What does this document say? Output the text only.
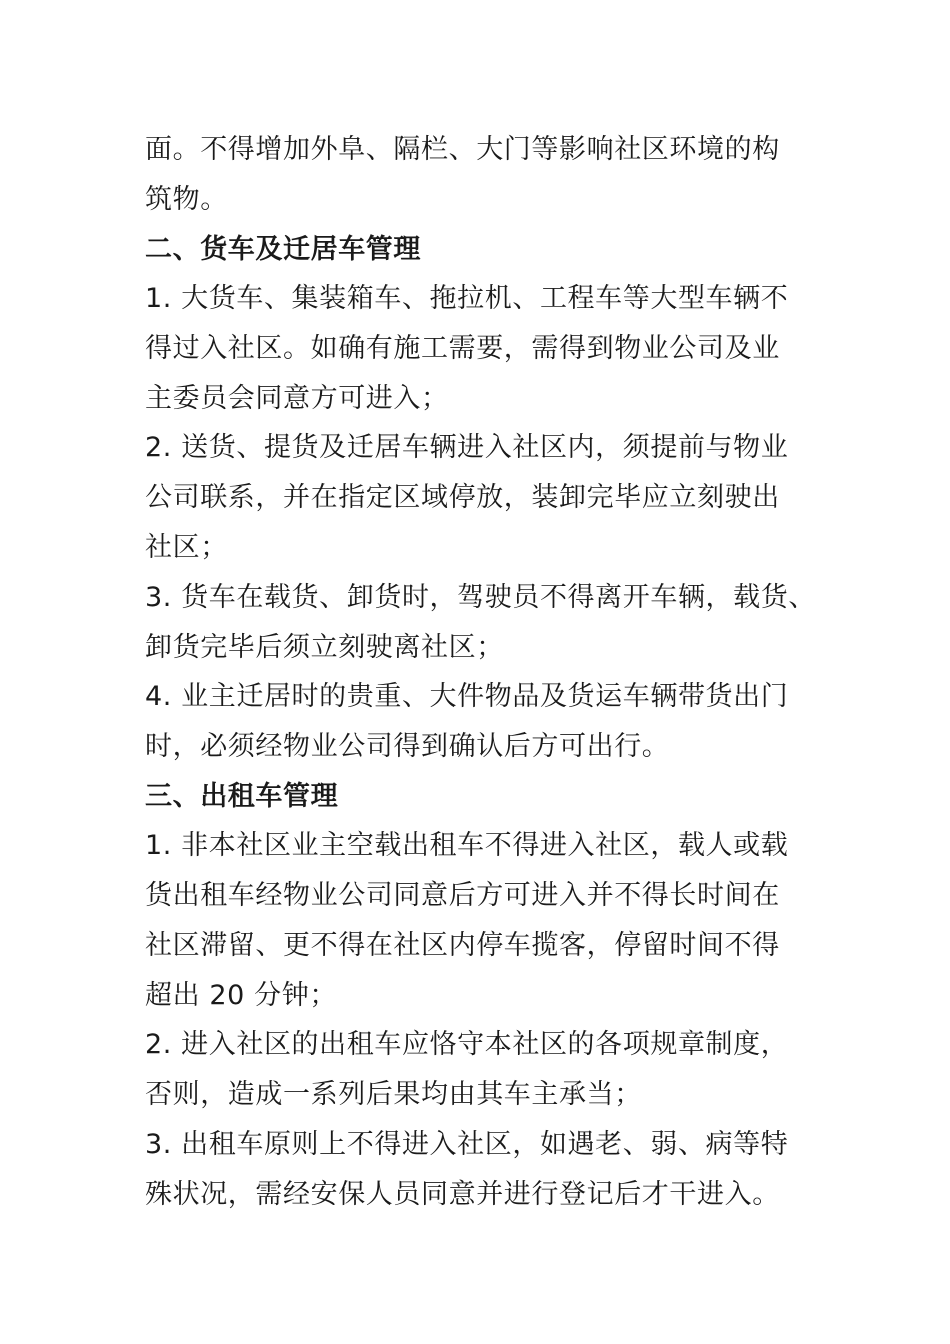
面。不得增加外阜、隔栏、大门等影响社区环境的构
筑物。
二、货车及迁居车管理
1. 大货车、集装箱车、拖拉机、工程车等大型车辆不
得过入社区。如确有施工需要，需得到物业公司及业
主委员会同意方可进入；
2. 送货、提货及迁居车辆进入社区内，须提前与物业
公司联系，并在指定区域停放，装卸完毕应立刻驶出
社区；
3. 货车在载货、卸货时，驾驶员不得离开车辆，载货、
卸货完毕后须立刻驶离社区；
4. 业主迁居时的贵重、大件物品及货运车辆带货出门
时，必须经物业公司得到确认后方可出行。
三、出租车管理
1. 非本社区业主空载出租车不得进入社区，载人或载
货出租车经物业公司同意后方可进入并不得长时间在
社区滞留、更不得在社区内停车揽客，停留时间不得
超出 20 分钟；
2. 进入社区的出租车应恪守本社区的各项规章制度，
否则，造成一系列后果均由其车主承当；
3. 出租车原则上不得进入社区，如遇老、弱、病等特
殊状况，需经安保人员同意并进行登记后才干进入。
